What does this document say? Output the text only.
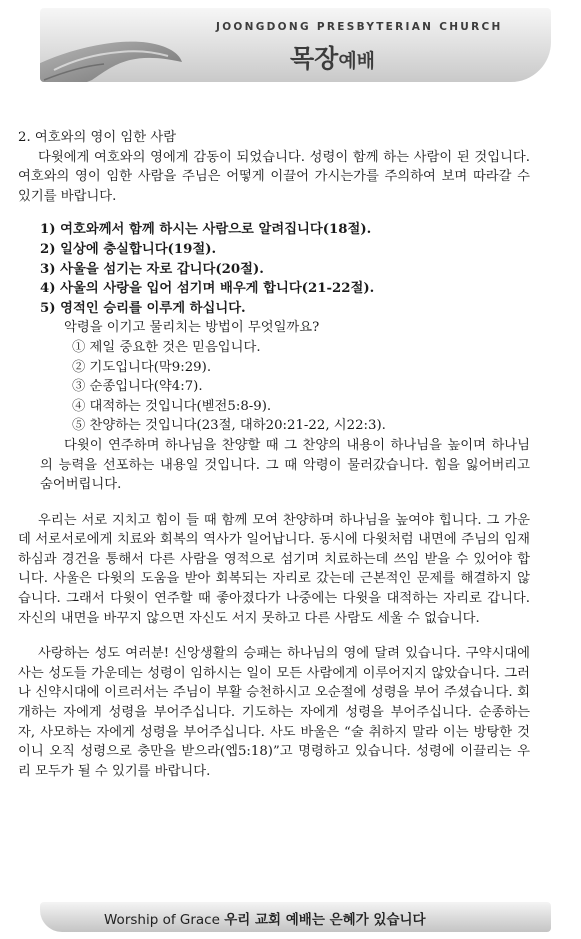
JOONGDONG PRESBYTERIAN CHURCH
목장예배

2. 여호와의 영이 임한 사람

다윗에게 여호와의 영에게 감동이 되었습니다. 성령이 함께 하는 사람이 된 것입니다. 여호와의 영이 임한 사람을 주님은 어떻게 이끌어 가시는가를 주의하여 보며 따라갈 수 있기를 바랍니다.

1) 여호와께서 함께 하시는 사람으로 알려집니다(18절).
2) 일상에 충실합니다(19절).
3) 사울을 섬기는 자로 갑니다(20절).
4) 사울의 사랑을 입어 섬기며 배우게 합니다(21-22절).
5) 영적인 승리를 이루게 하십니다.
악령을 이기고 물리치는 방법이 무엇일까요?
① 제일 중요한 것은 믿음입니다.
② 기도입니다(막9:29).
③ 순종입니다(약4:7).
④ 대적하는 것입니다(벧전5:8-9).
⑤ 찬양하는 것입니다(23절, 대하20:21-22, 시22:3).

다윗이 연주하며 하나님을 찬양할 때 그 찬양의 내용이 하나님을 높이며 하나님의 능력을 선포하는 내용일 것입니다. 그 때 악령이 물러갔습니다. 힘을 잃어버리고 숨어버립니다.

우리는 서로 지치고 힘이 들 때 함께 모여 찬양하며 하나님을 높여야 힙니다. 그 가운데 서로서로에게 치료와 회복의 역사가 일어납니다. 동시에 다윗처럼 내면에 주님의 임재하심과 경건을 통해서 다른 사람을 영적으로 섬기며 치료하는데 쓰임 받을 수 있어야 합니다. 사울은 다윗의 도움을 받아 회복되는 자리로 갔는데 근본적인 문제를 해결하지 않습니다. 그래서 다윗이 연주할 때 좋아졌다가 나중에는 다윗을 대적하는 자리로 갑니다. 자신의 내면을 바꾸지 않으면 자신도 서지 못하고 다른 사람도 세울 수 없습니다.

사랑하는 성도 여러분! 신앙생활의 승패는 하나님의 영에 달려 있습니다. 구약시대에 사는 성도들 가운데는 성령이 임하시는 일이 모든 사람에게 이루어지지 않았습니다. 그러나 신약시대에 이르러서는 주님이 부활 승천하시고 오순절에 성령을 부어 주셨습니다. 회개하는 자에게 성령을 부어주십니다. 기도하는 자에게 성령을 부어주십니다. 순종하는 자, 사모하는 자에게 성령을 부어주십니다. 사도 바울은 “술 취하지 말라 이는 방탕한 것이니 오직 성령으로 충만을 받으라(엡5:18)”고 명령하고 있습니다. 성령에 이끌리는 우리 모두가 될 수 있기를 바랍니다.

Worship of Grace 우리 교회 예배는 은혜가 있습니다
